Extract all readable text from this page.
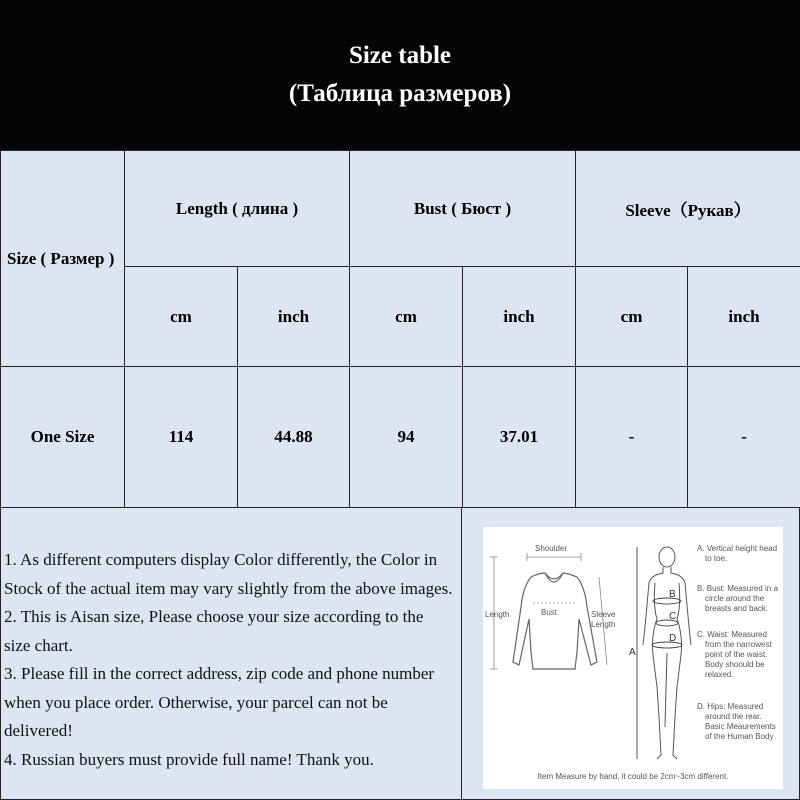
Size table
(Таблица размеров)
Size ( Размер )	Length ( длина )		Bust ( Бюст )		Sleeve（Рукав）	
	cm	inch	cm	inch	cm	inch
One Size	114	44.88	94	37.01	-	-

1. As different computers display Color differently, the Color in

Stock of the actual item may vary slightly from the above images.

2. This is Aisan size, Please choose your size according to the

size chart.

3. Please fill in the correct address, zip code and phone number

when you place order. Otherwise, your parcel can not be

delivered!

4. Russian buyers must provide full name! Thank you.

Shoulder
Length	Bust	Sleeve
Length
A
B
C
D
A. Vertical height head
to toe.
B. Bust: Measured in a
circle around the
breasts and back.
C. Waist: Measured
from the narrowest
point of the waist.
Body shoould be
relaxed.
D. Hips: Measured
around the rear.
Basic Meaurements
of the Human Body
Item Measure by hand, it could be 2cm~3cm different.
